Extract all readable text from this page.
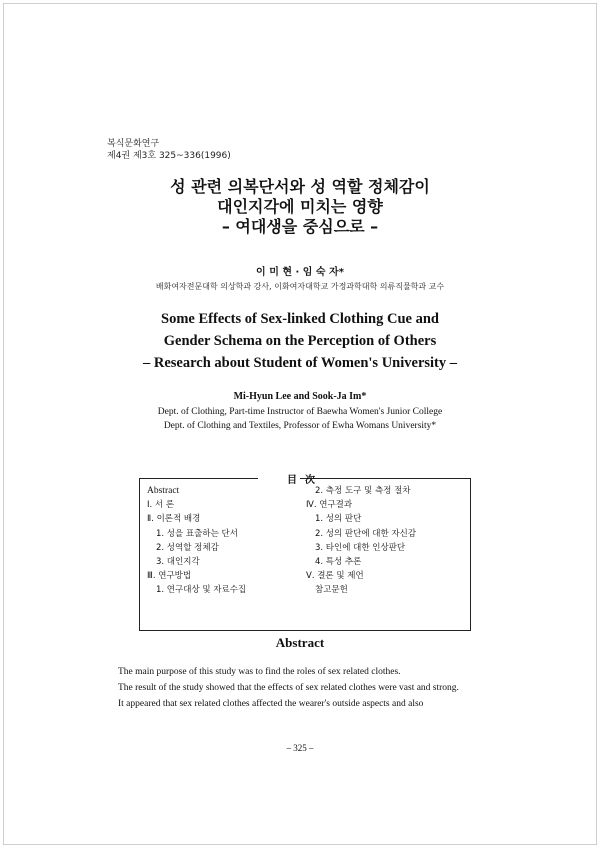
복식문화연구
제4권 제3호 325~336(1996)
성 관련 의복단서와 성 역할 정체감이
대인지각에 미치는 영향
– 여대생을 중심으로 –
이 미 현 · 임 숙 자*
배화여자전문대학 의상학과 강사, 이화여자대학교 가정과학대학 의류직물학과 교수
Some Effects of Sex-linked Clothing Cue and
Gender Schema on the Perception of Others
– Research about Student of Women's University –
Mi-Hyun Lee and Sook-Ja Im*
Dept. of Clothing, Part-time Instructor of Baewha Women's Junior College
Dept. of Clothing and Textiles, Professor of Ewha Womans University*
目次
Abstract
Ⅰ. 서 론
Ⅱ. 이론적 배경
1. 성을 표출하는 단서
2. 성역할 정체감
3. 대인지각
Ⅲ. 연구방법
1. 연구대상 및 자료수집
2. 측정 도구 및 측정 절차
Ⅳ. 연구결과
1. 성의 판단
2. 성의 판단에 대한 자신감
3. 타인에 대한 인상판단
4. 특성 추론
Ⅴ. 결론 및 제언
참고문헌
Abstract

The main purpose of this study was to find the roles of sex related clothes.

The result of the study showed that the effects of sex related clothes were vast and strong.

It appeared that sex related clothes affected the wearer's outside aspects and also

– 325 –
